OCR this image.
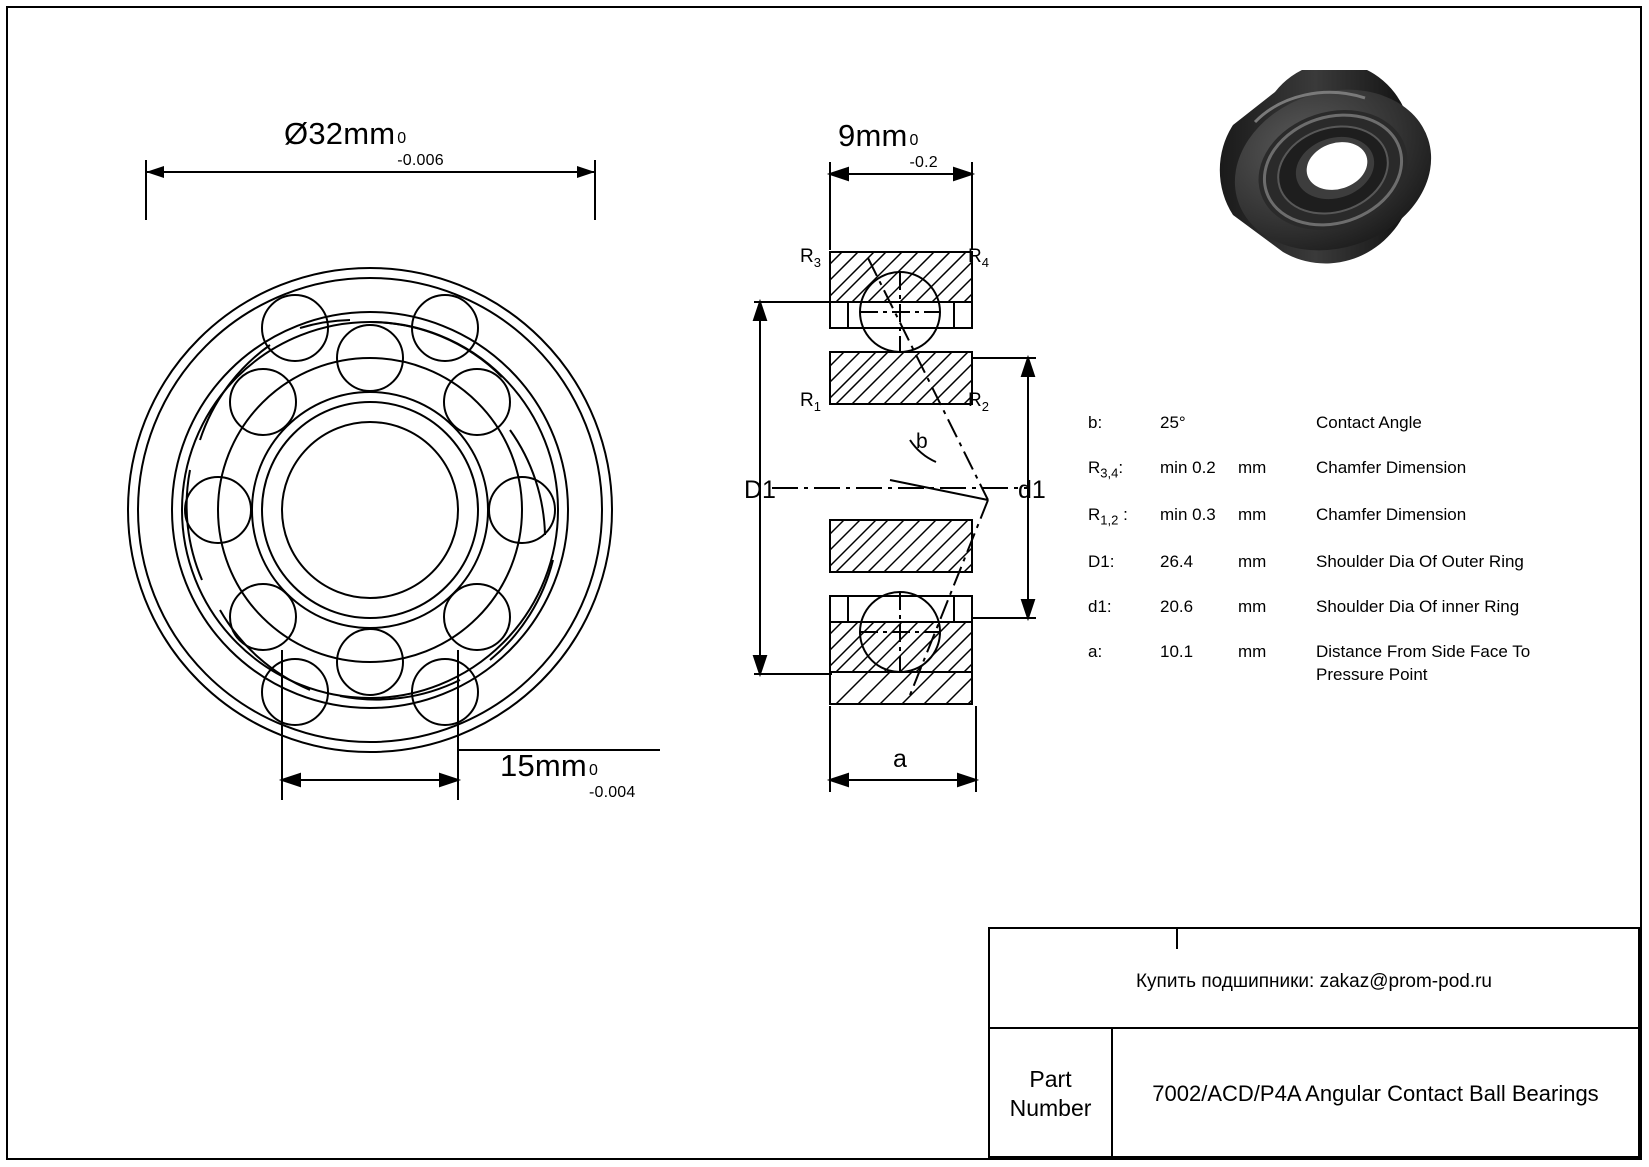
Ø32mm 0
-0.006
15mm 0
-0.004
9mm 0
-0.2
$R_3$	$R_4$
$R_1$	$R_2$
b
D1	d1
a
b:	25°	Contact Angle
$R_{3,4}$:	min 0.2	mm	Chamfer Dimension
$R_{1,2}$ :	min 0.3	mm	Chamfer Dimension
D1:	26.4	mm	Shoulder Dia Of Outer Ring
d1:	20.6	mm	Shoulder Dia Of inner Ring
a:	10.1	mm	Distance From Side Face To Pressure Point
Купить подшипники: zakaz@prom-pod.ru
Part
Number
7002/ACD/P4A Angular Contact Ball Bearings
